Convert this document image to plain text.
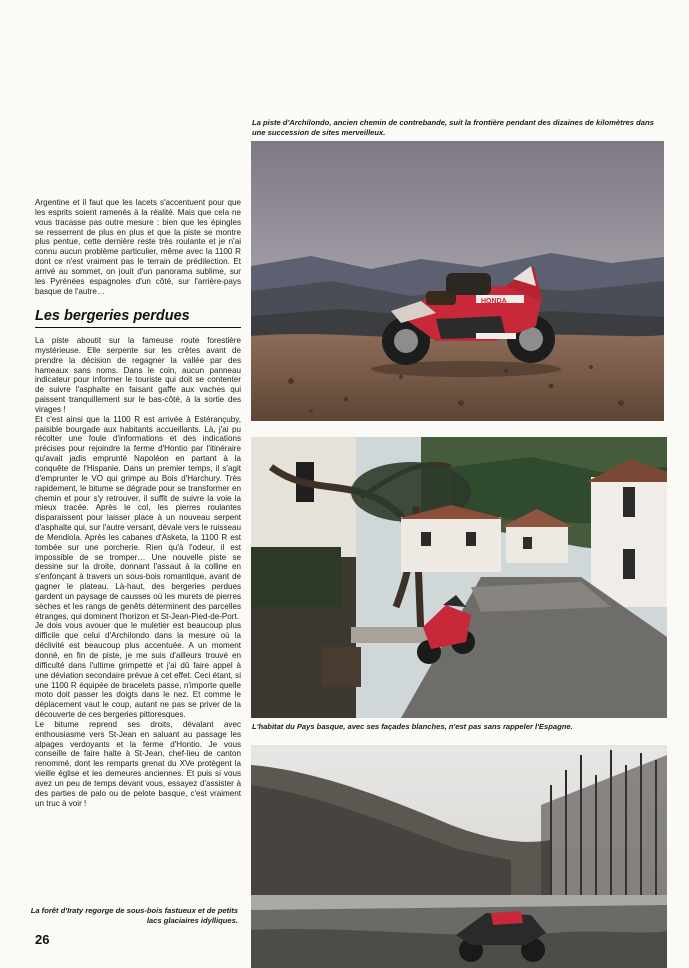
La piste d'Archilondo, ancien chemin de contrebande, suit la frontière pendant des dizaines de kilomètres dans une succession de sites merveilleux.
HONDA

Argentine et il faut que les lacets s'accentuent pour que les esprits soient ramenés à la réalité. Mais que cela ne vous tracasse pas outre mesure : bien que les épingles se resserrent de plus en plus et que la piste se montre plus pentue, cette dernière reste très roulante et je n'ai connu aucun problème particulier, même avec la 1100 R dont ce n'est vraiment pas le terrain de prédilection. Et arrivé au sommet, on jouit d'un panorama sublime, sur les Pyrénées espagnoles d'un côté, sur l'arrière-pays basque de l'autre…

Les bergeries perdues

La piste aboutit sur la fameuse route forestière mystérieuse. Elle serpente sur les crêtes avant de prendre la décision de regagner la vallée par des hameaux sans noms. Dans le coin, aucun panneau indicateur pour informer le touriste qui doit se contenter de suivre l'asphalte en faisant gaffe aux vaches qui paissent tranquillement sur le bas-côté, à la sortie des virages !

Et c'est ainsi que la 1100 R est arrivée à Estérançuby, paisible bourgade aux habitants accueillants. Là, j'ai pu récolter une foule d'informations et des indications précises pour rejoindre la ferme d'Hontio par l'itinéraire qu'avait jadis emprunté Napoléon en partant à la conquête de l'Hispanie. Dans un premier temps, il s'agit d'emprunter le VO qui grimpe au Bois d'Harchury. Très rapidement, le bitume se dégrade pour se transformer en chemin et pour s'y retrouver, il suffit de suivre la voie la mieux tracée. Après le col, les pierres roulantes disparaissent pour laisser place à un nouveau serpent d'asphalte qui, sur l'autre versant, dévale vers le ruisseau de Mendiola. Après les cabanes d'Asketa, la 1100 R est tombée sur une porcherie. Rien qu'à l'odeur, il est impossible de se tromper… Une nouvelle piste se dessine sur la droite, donnant l'assaut à la colline en s'enfonçant à travers un sous-bois romantique, avant de gagner le plateau. Là-haut, des bergeries perdues gardent un paysage de causses où les murets de pierres sèches et les rangs de genêts déterminent des parcelles étranges, qui dominent l'horizon et St-Jean-Pied-de-Port.

Je dois vous avouer que le muletier est beaucoup plus difficile que celui d'Archilondo dans la mesure où la déclivité est beaucoup plus accentuée. A un moment donné, en fin de piste, je me suis d'ailleurs trouvé en difficulté dans l'ultime grimpette et j'ai dû faire appel à une déviation secondaire prévue à cet effet. Ceci étant, si une 1100 R équipée de bracelets passe, n'importe quelle moto doit passer les doigts dans le nez. Et comme le déplacement vaut le coup, autant ne pas se priver de la découverte de ces bergeries pittoresques.

Le bitume reprend ses droits, dévalant avec enthousiasme vers St-Jean en saluant au passage les alpages verdoyants et la ferme d'Hontio. Je vous conseille de faire halte à St-Jean, chef-lieu de canton renommé, dont les remparts grenat du XVe protègent la vieille église et les demeures anciennes. Et puis si vous avez un peu de temps devant vous, essayez d'assister à des parties de palo ou de pelote basque, c'est vraiment un truc à voir !

L'habitat du Pays basque, avec ses façades blanches, n'est pas sans rappeler l'Espagne.
La forêt d'Iraty regorge de sous-bois fastueux et de petits lacs glaciaires idylliques.
26
